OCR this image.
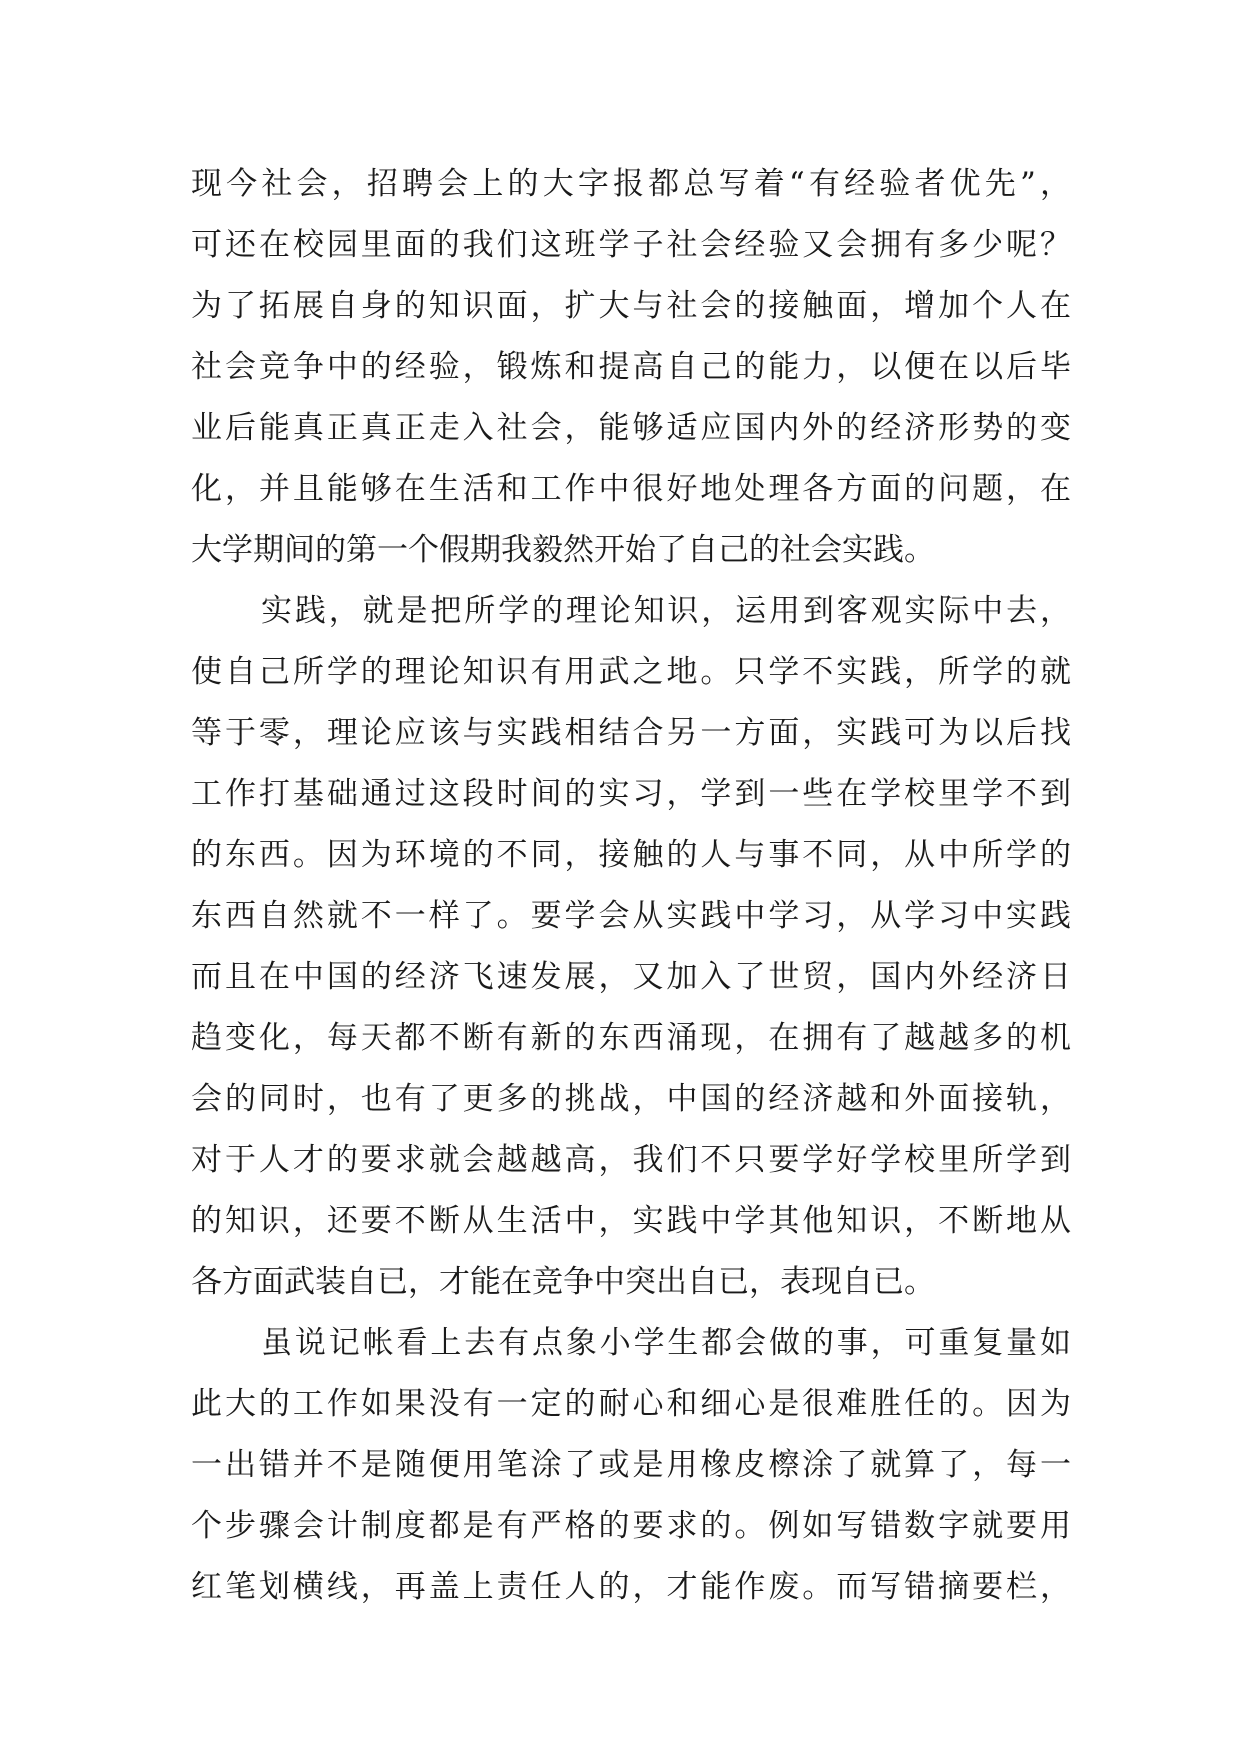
现今社会，招聘会上的大字报都总写着“有经验者优先”，
可还在校园里面的我们这班学子社会经验又会拥有多少呢？
为了拓展自身的知识面，扩大与社会的接触面，增加个人在
社会竞争中的经验，锻炼和提高自己的能力，以便在以后毕
业后能真正真正走入社会，能够适应国内外的经济形势的变
化，并且能够在生活和工作中很好地处理各方面的问题，在
大学期间的第一个假期我毅然开始了自己的社会实践。
实践，就是把所学的理论知识，运用到客观实际中去，
使自己所学的理论知识有用武之地。只学不实践，所学的就
等于零，理论应该与实践相结合另一方面，实践可为以后找
工作打基础通过这段时间的实习，学到一些在学校里学不到
的东西。因为环境的不同，接触的人与事不同，从中所学的
东西自然就不一样了。要学会从实践中学习，从学习中实践
而且在中国的经济飞速发展，又加入了世贸，国内外经济日
趋变化，每天都不断有新的东西涌现，在拥有了越越多的机
会的同时，也有了更多的挑战，中国的经济越和外面接轨，
对于人才的要求就会越越高，我们不只要学好学校里所学到
的知识，还要不断从生活中，实践中学其他知识，不断地从
各方面武装自已，才能在竞争中突出自已，表现自已。
虽说记帐看上去有点象小学生都会做的事，可重复量如
此大的工作如果没有一定的耐心和细心是很难胜任的。因为
一出错并不是随便用笔涂了或是用橡皮檫涂了就算了，每一
个步骤会计制度都是有严格的要求的。例如写错数字就要用
红笔划横线，再盖上责任人的，才能作废。而写错摘要栏，
